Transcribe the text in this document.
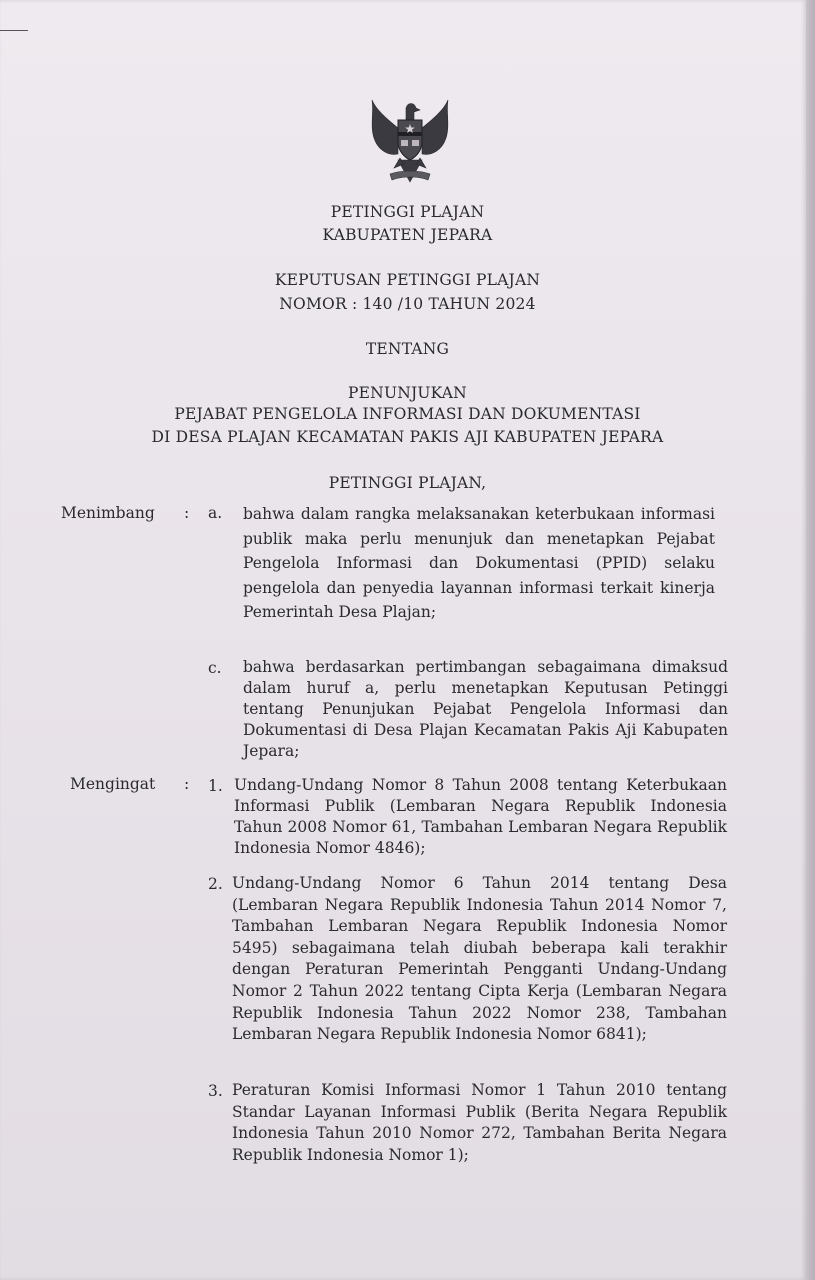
PETINGGI PLAJAN
KABUPATEN JEPARA
KEPUTUSAN PETINGGI PLAJAN
NOMOR : 140 /10 TAHUN 2024
TENTANG
PENUNJUKAN
PEJABAT PENGELOLA INFORMASI DAN DOKUMENTASI
DI DESA PLAJAN KECAMATAN PAKIS AJI KABUPATEN JEPARA
PETINGGI PLAJAN,
Menimbang : a. bahwa dalam rangka melaksanakan keterbukaan informasi publik maka perlu menunjuk dan menetapkan Pejabat Pengelola Informasi dan Dokumentasi (PPID) selaku pengelola dan penyedia layannan informasi terkait kinerja Pemerintah Desa Plajan;
c. bahwa berdasarkan pertimbangan sebagaimana dimaksud dalam huruf a, perlu menetapkan Keputusan Petinggi tentang Penunjukan Pejabat Pengelola Informasi dan Dokumentasi di Desa Plajan Kecamatan Pakis Aji Kabupaten Jepara;
Mengingat : 1. Undang-Undang Nomor 8 Tahun 2008 tentang Keterbukaan Informasi Publik (Lembaran Negara Republik Indonesia Tahun 2008 Nomor 61, Tambahan Lembaran Negara Republik Indonesia Nomor 4846);
2. Undang-Undang Nomor 6 Tahun 2014 tentang Desa (Lembaran Negara Republik Indonesia Tahun 2014 Nomor 7, Tambahan Lembaran Negara Republik Indonesia Nomor 5495) sebagaimana telah diubah beberapa kali terakhir dengan Peraturan Pemerintah Pengganti Undang-Undang Nomor 2 Tahun 2022 tentang Cipta Kerja (Lembaran Negara Republik Indonesia Tahun 2022 Nomor 238, Tambahan Lembaran Negara Republik Indonesia Nomor 6841);
3. Peraturan Komisi Informasi Nomor 1 Tahun 2010 tentang Standar Layanan Informasi Publik (Berita Negara Republik Indonesia Tahun 2010 Nomor 272, Tambahan Berita Negara Republik Indonesia Nomor 1);
